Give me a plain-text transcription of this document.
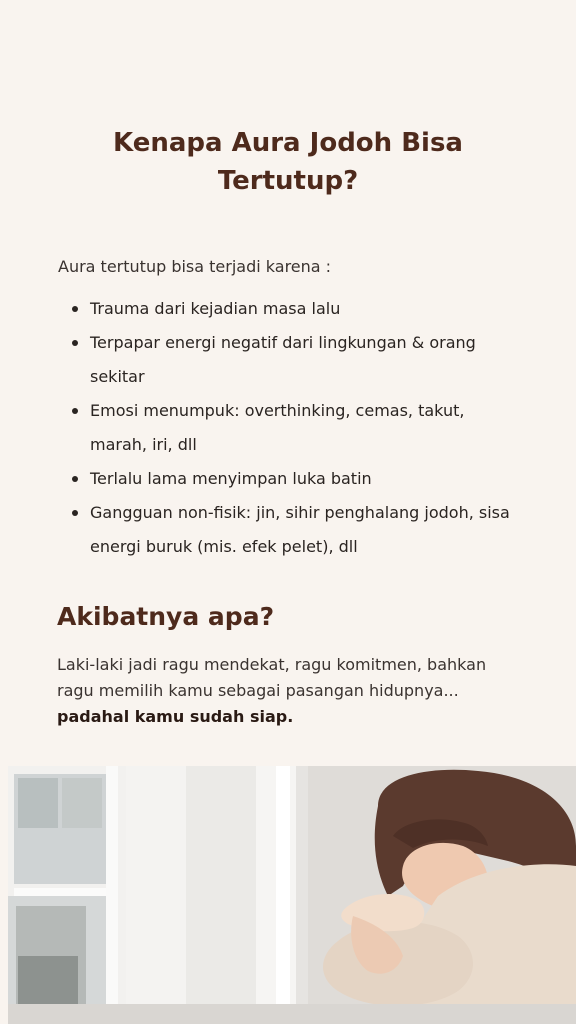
Kenapa Aura Jodoh Bisa Tertutup?

Aura tertutup bisa terjadi karena :

Trauma dari kejadian masa lalu
Terpapar energi negatif dari lingkungan & orang sekitar
Emosi menumpuk: overthinking, cemas, takut, marah, iri, dll
Terlalu lama menyimpan luka batin
Gangguan non-fisik: jin, sihir penghalang jodoh, sisa energi buruk (mis. efek pelet), dll
Akibatnya apa?

Laki-laki jadi ragu mendekat, ragu komitmen, bahkan ragu memilih kamu sebagai pasangan hidupnya... padahal kamu sudah siap.
